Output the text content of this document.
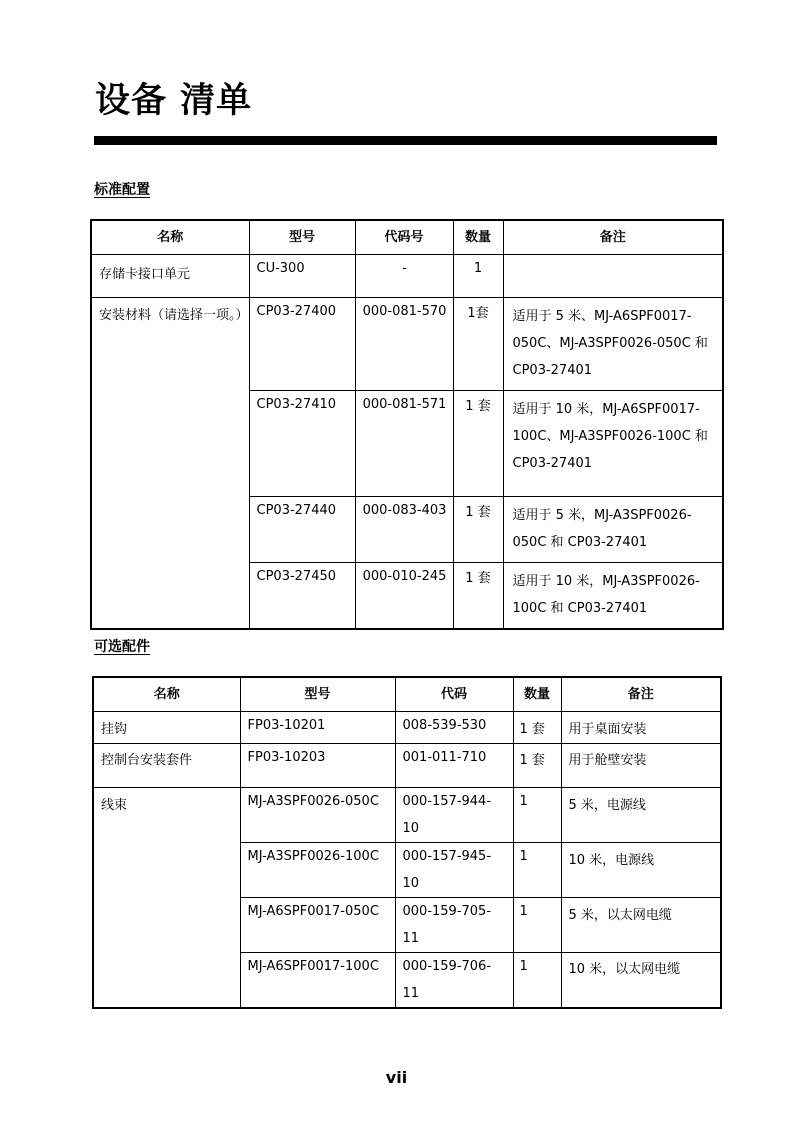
设备 清单
标准配置
名称	型号	代码号	数量	备注
存储卡接口单元	CU-300	-	1	
安装材料（请选择一项。）	CP03-27400	000-081-570	1套	适用于 5 米、MJ-A6SPF0017-050C、MJ-A3SPF0026-050C 和 CP03-27401
	CP03-27410	000-081-571	1 套	适用于 10 米，MJ-A6SPF0017-100C、MJ-A3SPF0026-100C 和 CP03-27401
	CP03-27440	000-083-403	1 套	适用于 5 米，MJ-A3SPF0026-050C 和 CP03-27401
	CP03-27450	000-010-245	1 套	适用于 10 米，MJ-A3SPF0026-100C 和 CP03-27401
可选配件
名称	型号	代码	数量	备注
挂钩	FP03-10201	008-539-530	1 套	用于桌面安装
控制台安装套件	FP03-10203	001-011-710	1 套	用于舱壁安装
线束	MJ-A3SPF0026-050C	000-157-944-10	1	5 米，电源线
	MJ-A3SPF0026-100C	000-157-945-10	1	10 米，电源线
	MJ-A6SPF0017-050C	000-159-705-11	1	5 米，以太网电缆
	MJ-A6SPF0017-100C	000-159-706-11	1	10 米，以太网电缆
vii
